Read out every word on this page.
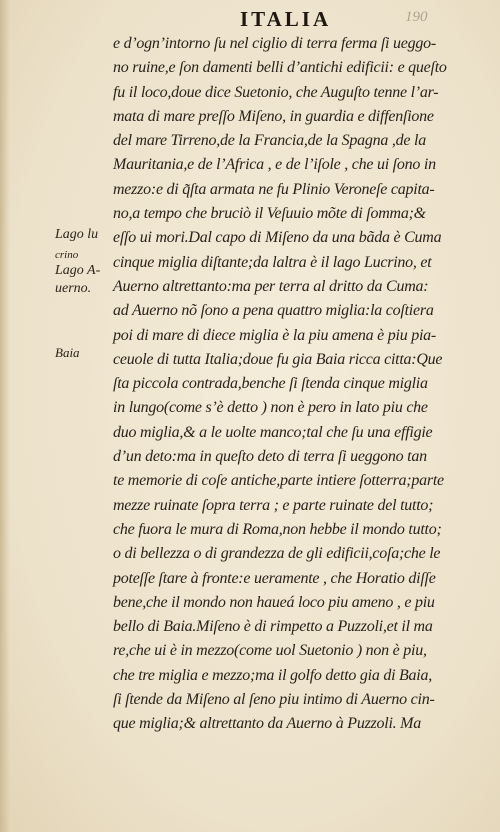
ITALIA	190
Lago lu
crino
Lago A-
uerno.
Baia
e d’ogn’intorno ſu nel ciglio di terra ferma ſi ueggo-
no ruine,e ſon damenti belli d’antichi edificii: e queſto
fu il loco,doue dice Suetonio, che Auguſto tenne l’ar-
mata di mare preſſo Miſeno, in guardia e diffenſione
del mare Tirreno,de la Francia,de la Spagna ,de la
Mauritania,e de l’Africa , e de l’iſole , che ui ſono in
mezzo:e di q̃ſta armata ne fu Plinio Veroneſe capita-
no,a tempo che bruciò il Veſuuio mõte di ſomma;&
eſſo ui mori.Dal capo di Miſeno da una bãda è Cuma
cinque miglia diſtante;da laltra è il lago Lucrino, et
Auerno altrettanto:ma per terra al dritto da Cuma:
ad Auerno nõ ſono a pena quattro miglia:la coſtiera
poi di mare di diece miglia è la piu amena è piu pia-
ceuole di tutta Italia;doue fu gia Baia ricca citta:Que
ſta piccola contrada,benche ſi ſtenda cinque miglia
in lungo(come s’è detto ) non è pero in lato piu che
duo miglia,& a le uolte manco;tal che ſu una effigie
d’un deto:ma in queſto deto di terra ſi ueggono tan
te memorie di coſe antiche,parte intiere ſotterra;parte
mezze ruinate ſopra terra ; e parte ruinate del tutto;
che fuora le mura di Roma,non hebbe il mondo tutto;
o di bellezza o di grandezza de gli edificii,coſa;che le
poteſſe ſtare à fronte:e ueramente , che Horatio diſſe
bene,che il mondo non haueá loco piu ameno , e piu
bello di Baia.Miſeno è di rimpetto a Puzzoli,et il ma
re,che ui è in mezzo(come uol Suetonio ) non è piu,
che tre miglia e mezzo;ma il golfo detto gia di Baia,
ſi ſtende da Miſeno al ſeno piu intimo di Auerno cin-
que miglia;& altrettanto da Auerno à Puzzoli. Ma
